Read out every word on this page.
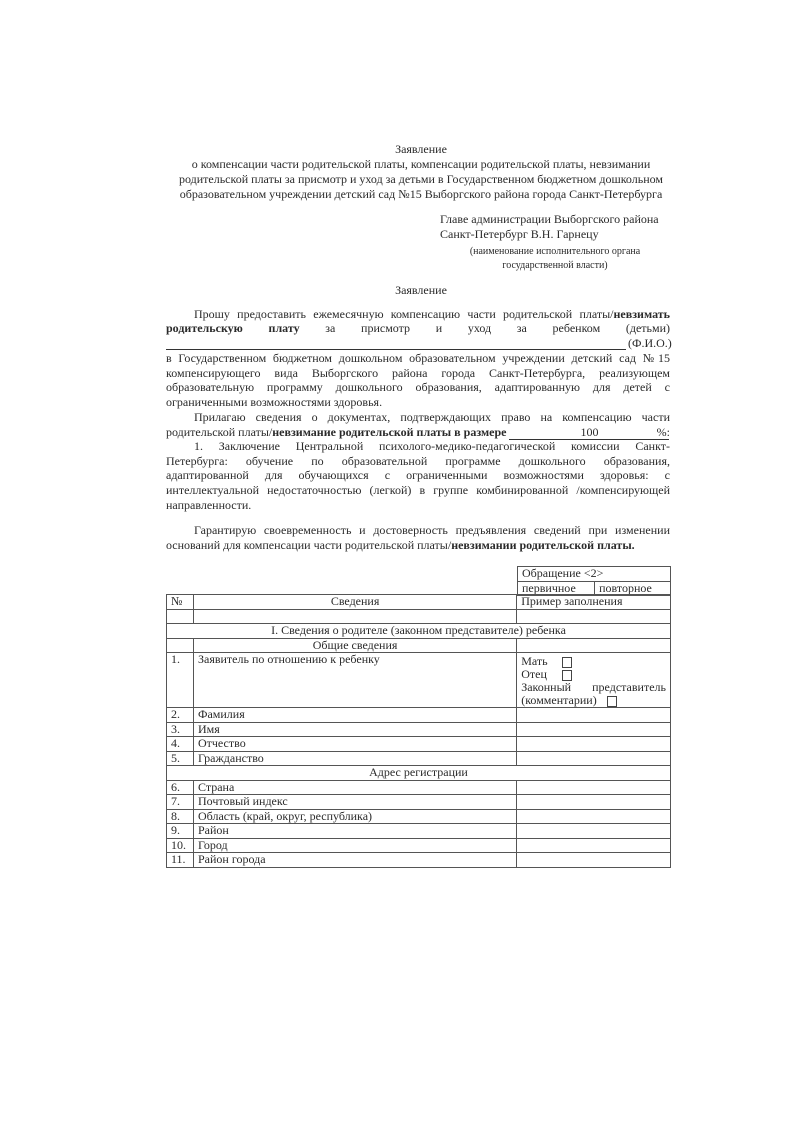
Заявление
о компенсации части родительской платы, компенсации родительской платы, невзимании
родительской платы за присмотр и уход за детьми в Государственном бюджетном дошкольном
образовательном учреждении детский сад №15 Выборгского района города Санкт-Петербурга
Главе администрации Выборгского района
Санкт-Петербург В.Н. Гарнецу
(наименование исполнительного органа
государственной власти)
Заявление
Прошу предоставить ежемесячную компенсацию части родительской платы/невзимать
родительскую плату за присмотр и уход за ребенком (детьми)
(Ф.И.О.)
в Государственном бюджетном дошкольном образовательном учреждении детский сад №15
компенсирующего вида Выборгского района города Санкт-Петербурга, реализующем
образовательную программу дошкольного образования, адаптированную для детей с
ограниченными возможностями здоровья.
Прилагаю сведения о документах, подтверждающих право на компенсацию части
родительской платы/невзимание родительской платы в размере	100	%:
1. Заключение Центральной психолого-медико-педагогической комиссии Санкт-
Петербурга: обучение по образовательной программе дошкольного образования,
адаптированной для обучающихся с ограниченными возможностями здоровья: с
интеллектуальной недостаточностью (легкой) в группе комбинированной /компенсирующей
направленности.
Гарантирую своевременность и достоверность предъявления сведений при изменении
оснований для компенсации части родительской платы/невзимании родительской платы.
Обращение <2>
первичное	повторное
№	Сведения	Пример заполнения

I. Сведения о родителе (законном представителе) ребенка		
	Общие сведения	
1.	Заявитель по отношению к ребенку	Мать
Отец
Законный представитель
(комментарии)

2.	Фамилия	
3.	Имя	
4.	Отчество	
5.	Гражданство	
Адрес регистрации		
6.	Страна	
7.	Почтовый индекс	
8.	Область (край, округ, республика)	
9.	Район	
10.	Город	
11.	Район города	
